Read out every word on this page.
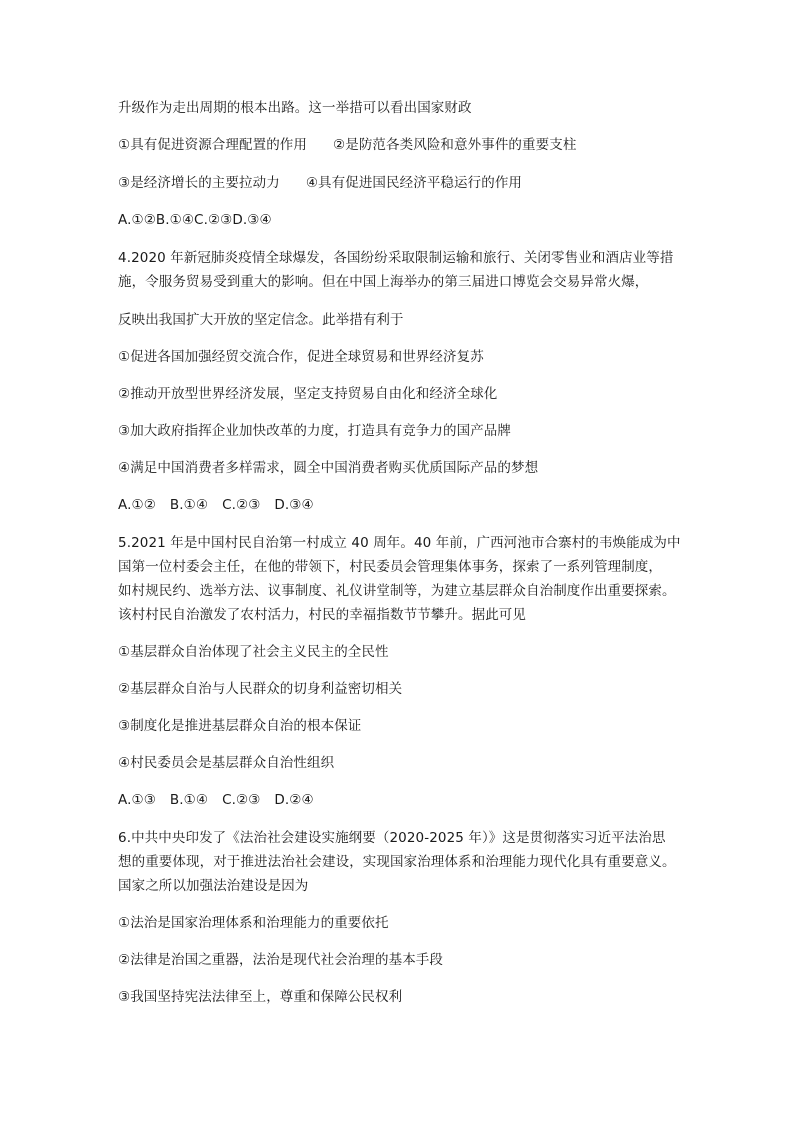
升级作为走出周期的根本出路。这一举措可以看出国家财政
①具有促进资源合理配置的作用 ②是防范各类风险和意外事件的重要支柱
③是经济增长的主要拉动力 ④具有促进国民经济平稳运行的作用
A.①②B.①④C.②③D.③④
4.2020 年新冠肺炎疫情全球爆发，各国纷纷采取限制运输和旅行、关闭零售业和酒店业等措
施，令服务贸易受到重大的影响。但在中国上海举办的第三届进口博览会交易异常火爆，
反映出我国扩大开放的坚定信念。此举措有利于
①促进各国加强经贸交流合作，促进全球贸易和世界经济复苏
②推动开放型世界经济发展，坚定支持贸易自由化和经济全球化
③加大政府指挥企业加快改革的力度，打造具有竞争力的国产品牌
④满足中国消费者多样需求，圆全中国消费者购买优质国际产品的梦想
A.①② B.①④ C.②③ D.③④
5.2021 年是中国村民自治第一村成立 40 周年。40 年前，广西河池市合寨村的韦焕能成为中
国第一位村委会主任，在他的带领下，村民委员会管理集体事务，探索了一系列管理制度，
如村规民约、选举方法、议事制度、礼仪讲堂制等，为建立基层群众自治制度作出重要探索。
该村村民自治激发了农村活力，村民的幸福指数节节攀升。据此可见
①基层群众自治体现了社会主义民主的全民性
②基层群众自治与人民群众的切身利益密切相关
③制度化是推进基层群众自治的根本保证
④村民委员会是基层群众自治性组织
A.①③ B.①④ C.②③ D.②④
6.中共中央印发了《法治社会建设实施纲要（2020-2025 年）》这是贯彻落实习近平法治思
想的重要体现，对于推进法治社会建设，实现国家治理体系和治理能力现代化具有重要意义。
国家之所以加强法治建设是因为
①法治是国家治理体系和治理能力的重要依托
②法律是治国之重器，法治是现代社会治理的基本手段
③我国坚持宪法法律至上，尊重和保障公民权利
